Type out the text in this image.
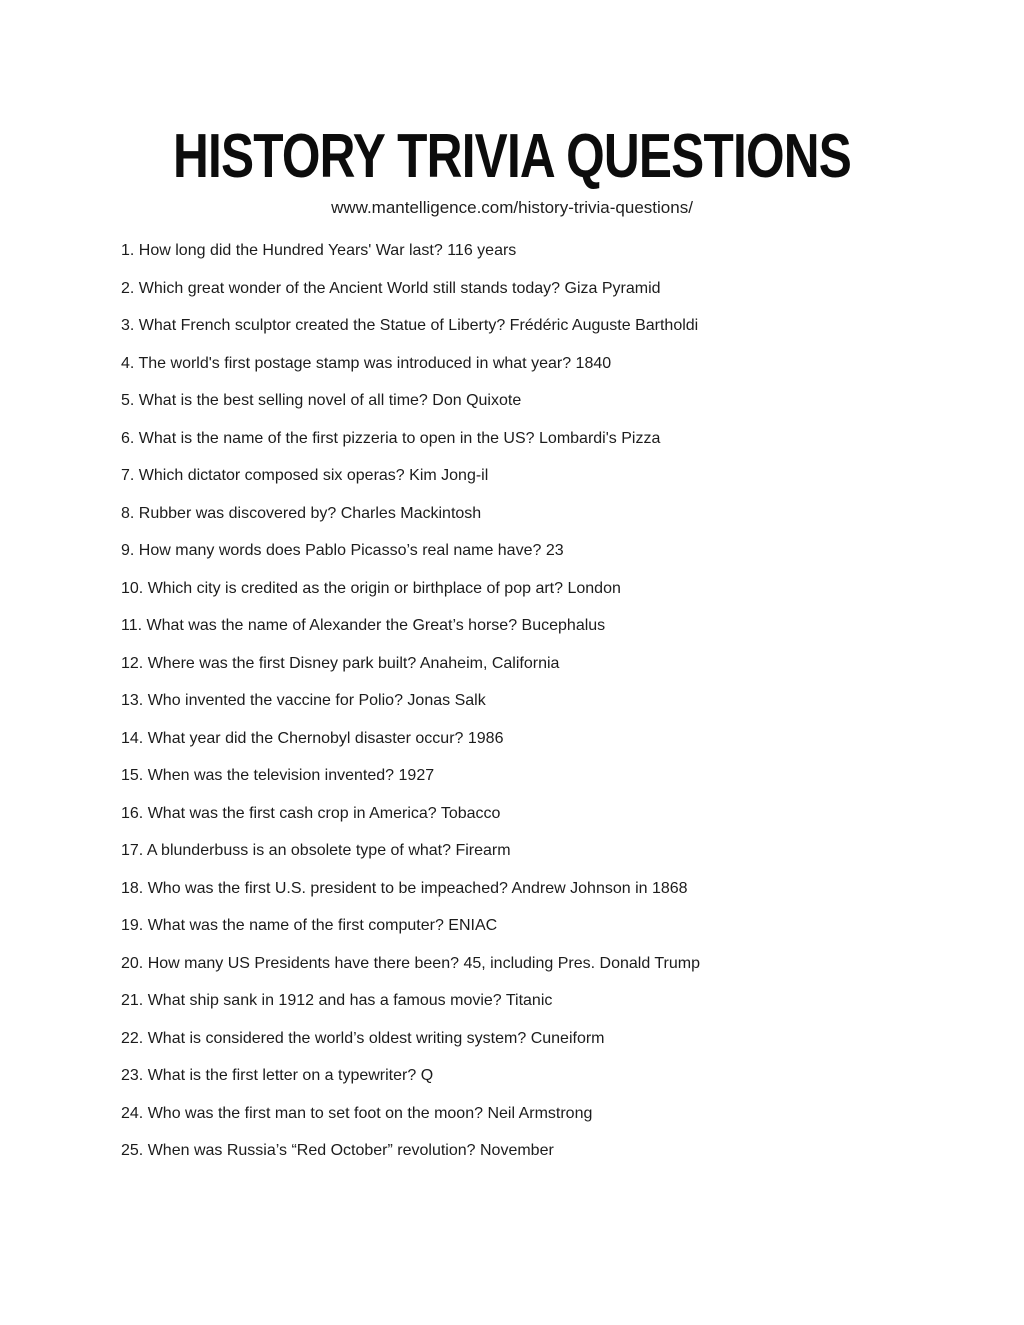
HISTORY TRIVIA QUESTIONS
www.mantelligence.com/history-trivia-questions/
1. How long did the Hundred Years' War last? 116 years
2. Which great wonder of the Ancient World still stands today? Giza Pyramid
3. What French sculptor created the Statue of Liberty? Frédéric Auguste Bartholdi
4. The world's first postage stamp was introduced in what year? 1840
5. What is the best selling novel of all time? Don Quixote
6. What is the name of the first pizzeria to open in the US? Lombardi's Pizza
7. Which dictator composed six operas? Kim Jong-il
8. Rubber was discovered by? Charles Mackintosh
9. How many words does Pablo Picasso’s real name have? 23
10. Which city is credited as the origin or birthplace of pop art? London
11. What was the name of Alexander the Great’s horse? Bucephalus
12. Where was the first Disney park built? Anaheim, California
13. Who invented the vaccine for Polio? Jonas Salk
14. What year did the Chernobyl disaster occur? 1986
15. When was the television invented? 1927
16. What was the first cash crop in America? Tobacco
17. A blunderbuss is an obsolete type of what? Firearm
18. Who was the first U.S. president to be impeached? Andrew Johnson in 1868
19. What was the name of the first computer? ENIAC
20. How many US Presidents have there been? 45, including Pres. Donald Trump
21. What ship sank in 1912 and has a famous movie? Titanic
22. What is considered the world’s oldest writing system? Cuneiform
23. What is the first letter on a typewriter? Q
24. Who was the first man to set foot on the moon? Neil Armstrong
25. When was Russia’s “Red October” revolution? November
